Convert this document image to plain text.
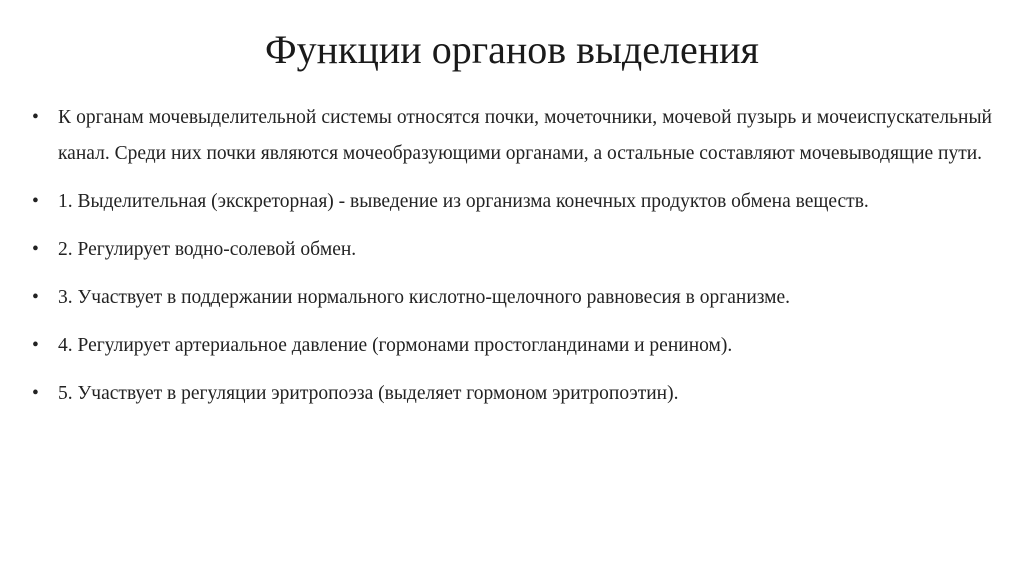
Функции органов выделения
• К органам мочевыделительной системы относятся почки, мочеточники, мочевой пузырь и мочеиспускательный канал. Среди них почки являются мочеобразующими органами, а остальные составляют мочевыводящие пути.
• 1. Выделительная (экскреторная) - выведение из организма конечных продуктов обмена веществ.
• 2. Регулирует водно-солевой обмен.
• 3. Участвует в поддержании нормального кислотно-щелочного равновесия в организме.
• 4. Регулирует артериальное давление (гормонами простогландинами и ренином).
• 5. Участвует в регуляции эритропоэза (выделяет гормоном эритропоэтин).
